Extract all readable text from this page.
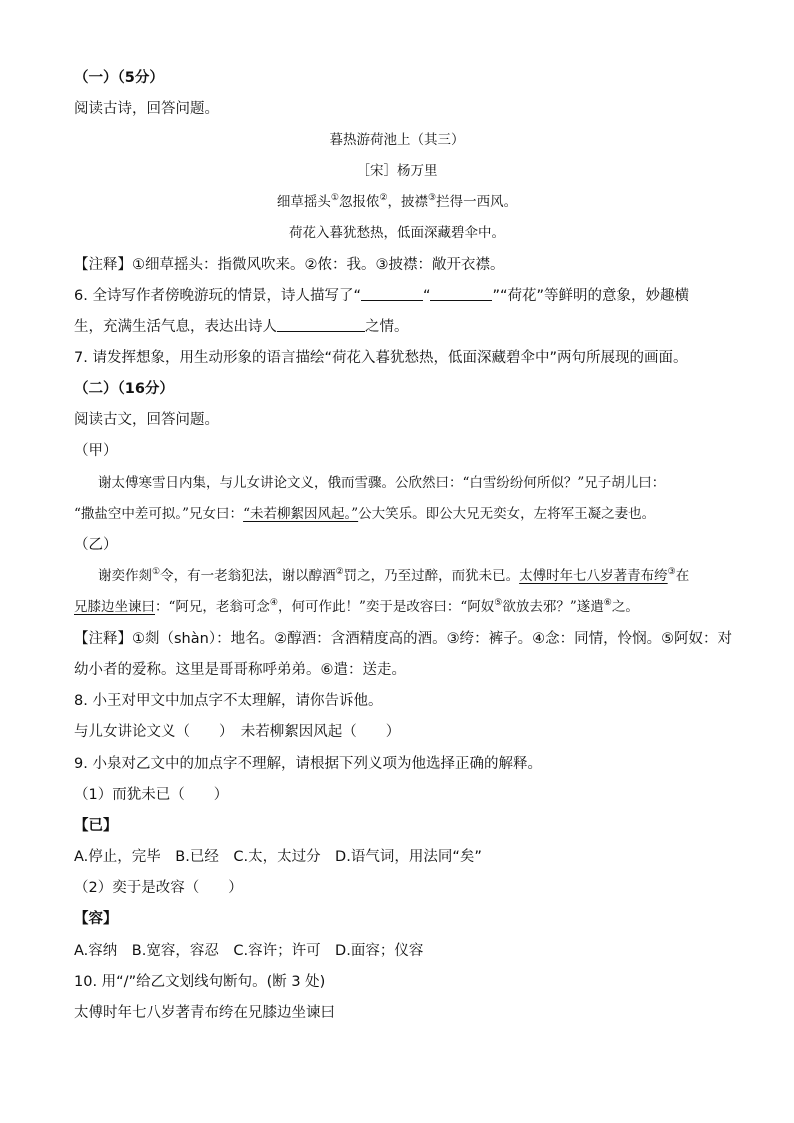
（一）（5分）
阅读古诗，回答问题。
暮热游荷池上（其三）
［宋］杨万里
细草摇头①忽报侬②，披襟③拦得一西风。
荷花入暮犹愁热，低面深藏碧伞中。
【注释】①细草摇头：指微风吹来。②侬：我。③披襟：敞开衣襟。
6. 全诗写作者傍晚游玩的情景，诗人描写了“	“	”“荷花”等鲜明的意象，妙趣横
生，充满生活气息，表达出诗人	之情。
7. 请发挥想象，用生动形象的语言描绘“荷花入暮犹愁热，低面深藏碧伞中”两句所展现的画面。
（二）（16分）
阅读古文，回答问题。
（甲）
谢太傅寒雪日内集，与儿女讲论文义，俄而雪骤。公欣然曰：“白雪纷纷何所似？”兄子胡儿曰：
“撒盐空中差可拟。”兄女曰：“未若柳絮因风起。”公大笑乐。即公大兄无奕女，左将军王凝之妻也。
（乙）
谢奕作剡①令，有一老翁犯法，谢以醇酒②罚之，乃至过醉，而犹未已。太傅时年七八岁著青布绔③在
兄膝边坐谏曰：“阿兄，老翁可念④，何可作此！”奕于是改容曰：“阿奴⑤欲放去邪？”遂遣⑥之。
【注释】①剡（shàn）：地名。②醇酒：含酒精度高的酒。③绔：裤子。④念：同情，怜悯。⑤阿奴：对
幼小者的爱称。这里是哥哥称呼弟弟。⑥遣：送走。
8. 小王对甲文中加点字不太理解，请你告诉他。
与儿女讲论文义（　　）　未若柳絮因风起（　　）
9. 小泉对乙文中的加点字不理解，请根据下列义项为他选择正确的解释。
（1）而犹未已（　　）
【已】
A.停止，完毕　B.已经　C.太，太过分　D.语气词，用法同“矣”
（2）奕于是改容（　　）
【容】
A.容纳　B.宽容，容忍　C.容许；许可　D.面容；仪容
10. 用“/”给乙文划线句断句。(断 3 处)
太傅时年七八岁著青布绔在兄膝边坐谏曰
